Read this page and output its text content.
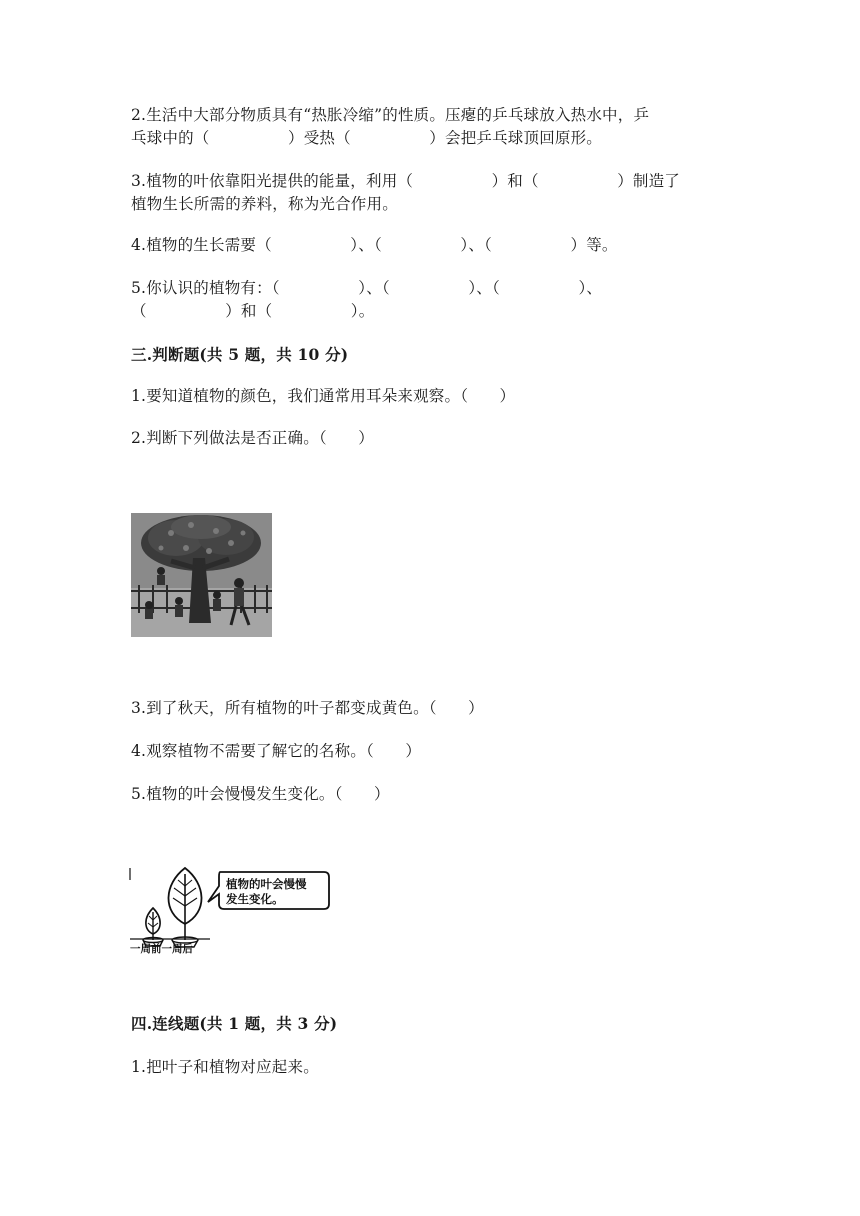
2.生活中大部分物质具有“热胀冷缩”的性质。压瘪的乒乓球放入热水中，乒
乓球中的（　　　　　）受热（　　　　　）会把乒乓球顶回原形。
3.植物的叶依靠阳光提供的能量，利用（　　　　　）和（　　　　　）制造了
植物生长所需的养料，称为光合作用。
4.植物的生长需要（　　　　　）、（　　　　　）、（　　　　　）等。
5.你认识的植物有：（　　　　　）、（　　　　　）、（　　　　　）、
（　　　　　）和（　　　　　）。
三.判断题(共 5 题，共 10 分)
1.要知道植物的颜色，我们通常用耳朵来观察。（　　）
2.判断下列做法是否正确。（　　）
3.到了秋天，所有植物的叶子都变成黄色。（　　）
4.观察植物不需要了解它的名称。（　　）
5.植物的叶会慢慢发生变化。（　　）
植物的叶会慢慢
发生变化。
一周前一周后
四.连线题(共 1 题，共 3 分)
1.把叶子和植物对应起来。
